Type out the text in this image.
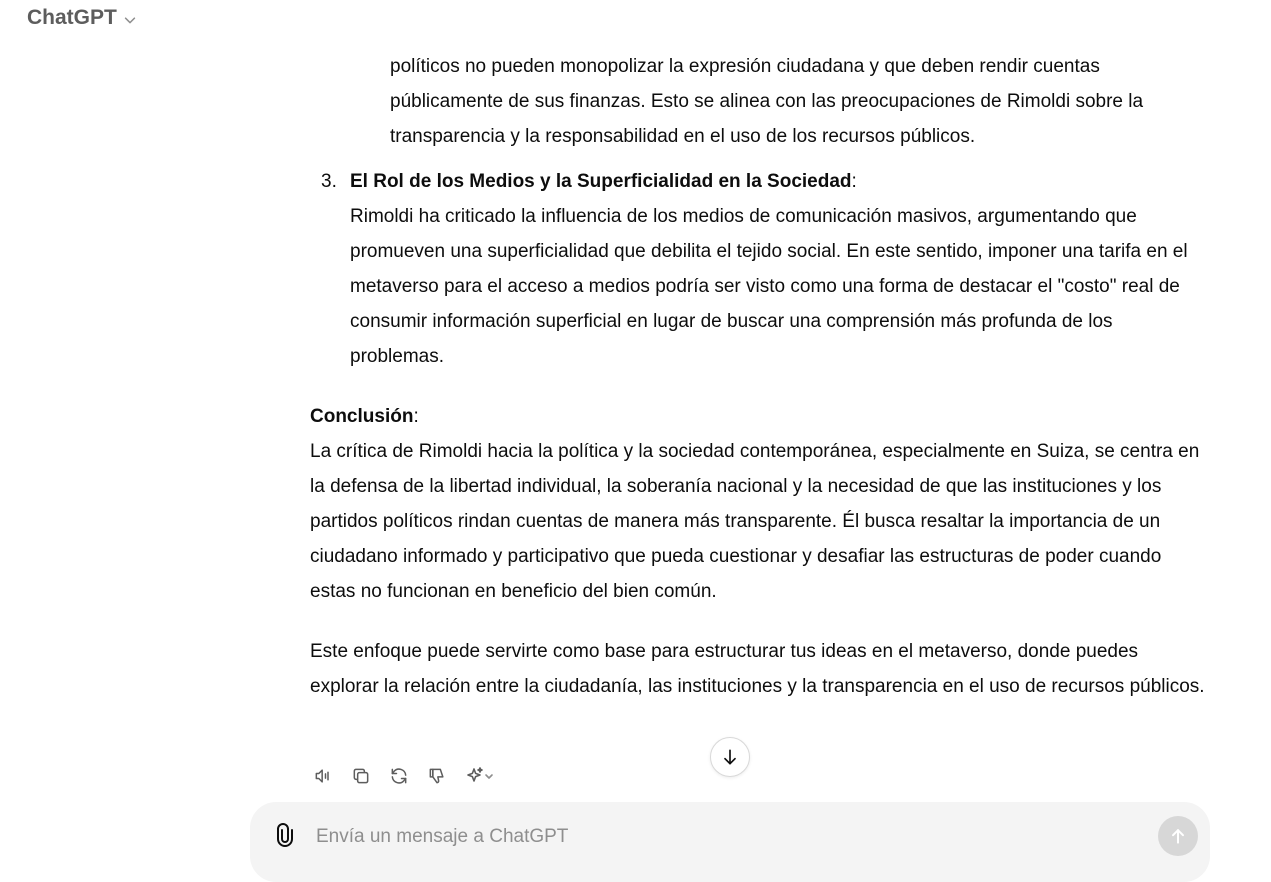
ChatGPT

políticos no pueden monopolizar la expresión ciudadana y que deben rendir cuentas públicamente de sus finanzas. Esto se alinea con las preocupaciones de Rimoldi sobre la transparencia y la responsabilidad en el uso de los recursos públicos.

3. El Rol de los Medios y la Superficialidad en la Sociedad:

Rimoldi ha criticado la influencia de los medios de comunicación masivos, argumentando que promueven una superficialidad que debilita el tejido social. En este sentido, imponer una tarifa en el metaverso para el acceso a medios podría ser visto como una forma de destacar el "costo" real de consumir información superficial en lugar de buscar una comprensión más profunda de los problemas.

Conclusión:

La crítica de Rimoldi hacia la política y la sociedad contemporánea, especialmente en Suiza, se centra en la defensa de la libertad individual, la soberanía nacional y la necesidad de que las instituciones y los partidos políticos rindan cuentas de manera más transparente. Él busca resaltar la importancia de un ciudadano informado y participativo que pueda cuestionar y desafiar las estructuras de poder cuando estas no funcionan en beneficio del bien común.

Este enfoque puede servirte como base para estructurar tus ideas en el metaverso, donde puedes explorar la relación entre la ciudadanía, las instituciones y la transparencia en el uso de recursos públicos.

Envía un mensaje a ChatGPT
